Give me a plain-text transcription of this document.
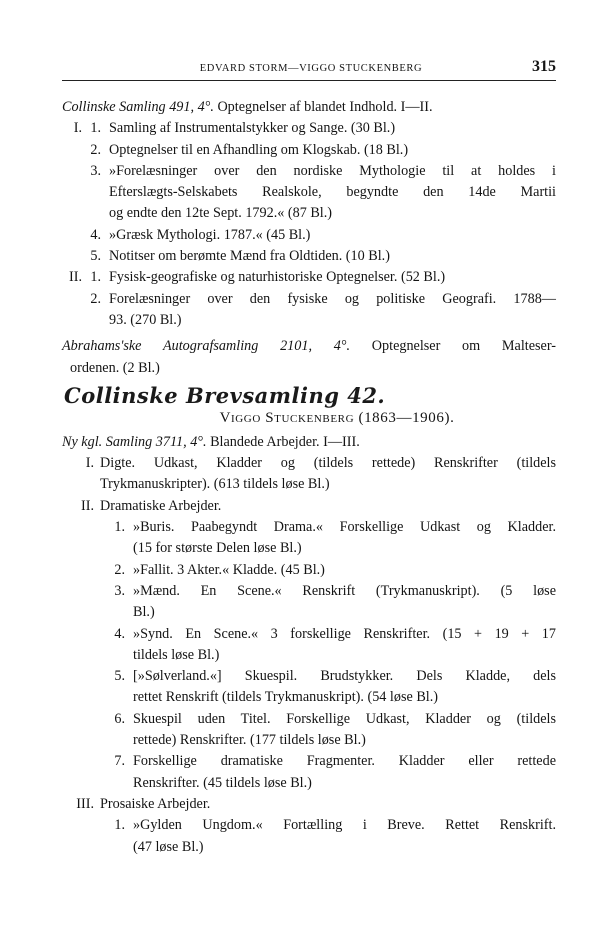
EDVARD STORM—VIGGO STUCKENBERG	315
Collinske Samling 491, 4°. Optegnelser af blandet Indhold. I—II.
I. 1. Samling af Instrumentalstykker og Sange. (30 Bl.)
2. Optegnelser til en Afhandling om Klogskab. (18 Bl.)
3. »Forelæsninger over den nordiske Mythologie til at holdes i
Efterslægts-Selskabets Realskole, begyndte den 14de Martii
og endte den 12te Sept. 1792.« (87 Bl.)
4. »Græsk Mythologi. 1787.« (45 Bl.)
5. Notitser om berømte Mænd fra Oldtiden. (10 Bl.)
II. 1. Fysisk-geografiske og naturhistoriske Optegnelser. (52 Bl.)
2. Forelæsninger over den fysiske og politiske Geografi. 1788—
93. (270 Bl.)
Abrahams'ske Autografsamling 2101, 4°. Optegnelser om Malteser-
ordenen. (2 Bl.)
Collinske Brevsamling 42.
Viggo Stuckenberg (1863—1906).
Ny kgl. Samling 3711, 4°. Blandede Arbejder. I—III.
I. Digte. Udkast, Kladder og (tildels rettede) Renskrifter (tildels
Trykmanuskripter). (613 tildels løse Bl.)
II. Dramatiske Arbejder.
1. »Buris. Paabegyndt Drama.« Forskellige Udkast og Kladder.
(15 for største Delen løse Bl.)
2. »Fallit. 3 Akter.« Kladde. (45 Bl.)
3. »Mænd. En Scene.« Renskrift (Trykmanuskript). (5 løse
Bl.)
4. »Synd. En Scene.« 3 forskellige Renskrifter. (15 + 19 + 17
tildels løse Bl.)
5. [»Sølverland.«] Skuespil. Brudstykker. Dels Kladde, dels
rettet Renskrift (tildels Trykmanuskript). (54 løse Bl.)
6. Skuespil uden Titel. Forskellige Udkast, Kladder og (tildels
rettede) Renskrifter. (177 tildels løse Bl.)
7. Forskellige dramatiske Fragmenter. Kladder eller rettede
Renskrifter. (45 tildels løse Bl.)
III. Prosaiske Arbejder.
1. »Gylden Ungdom.« Fortælling i Breve. Rettet Renskrift.
(47 løse Bl.)
